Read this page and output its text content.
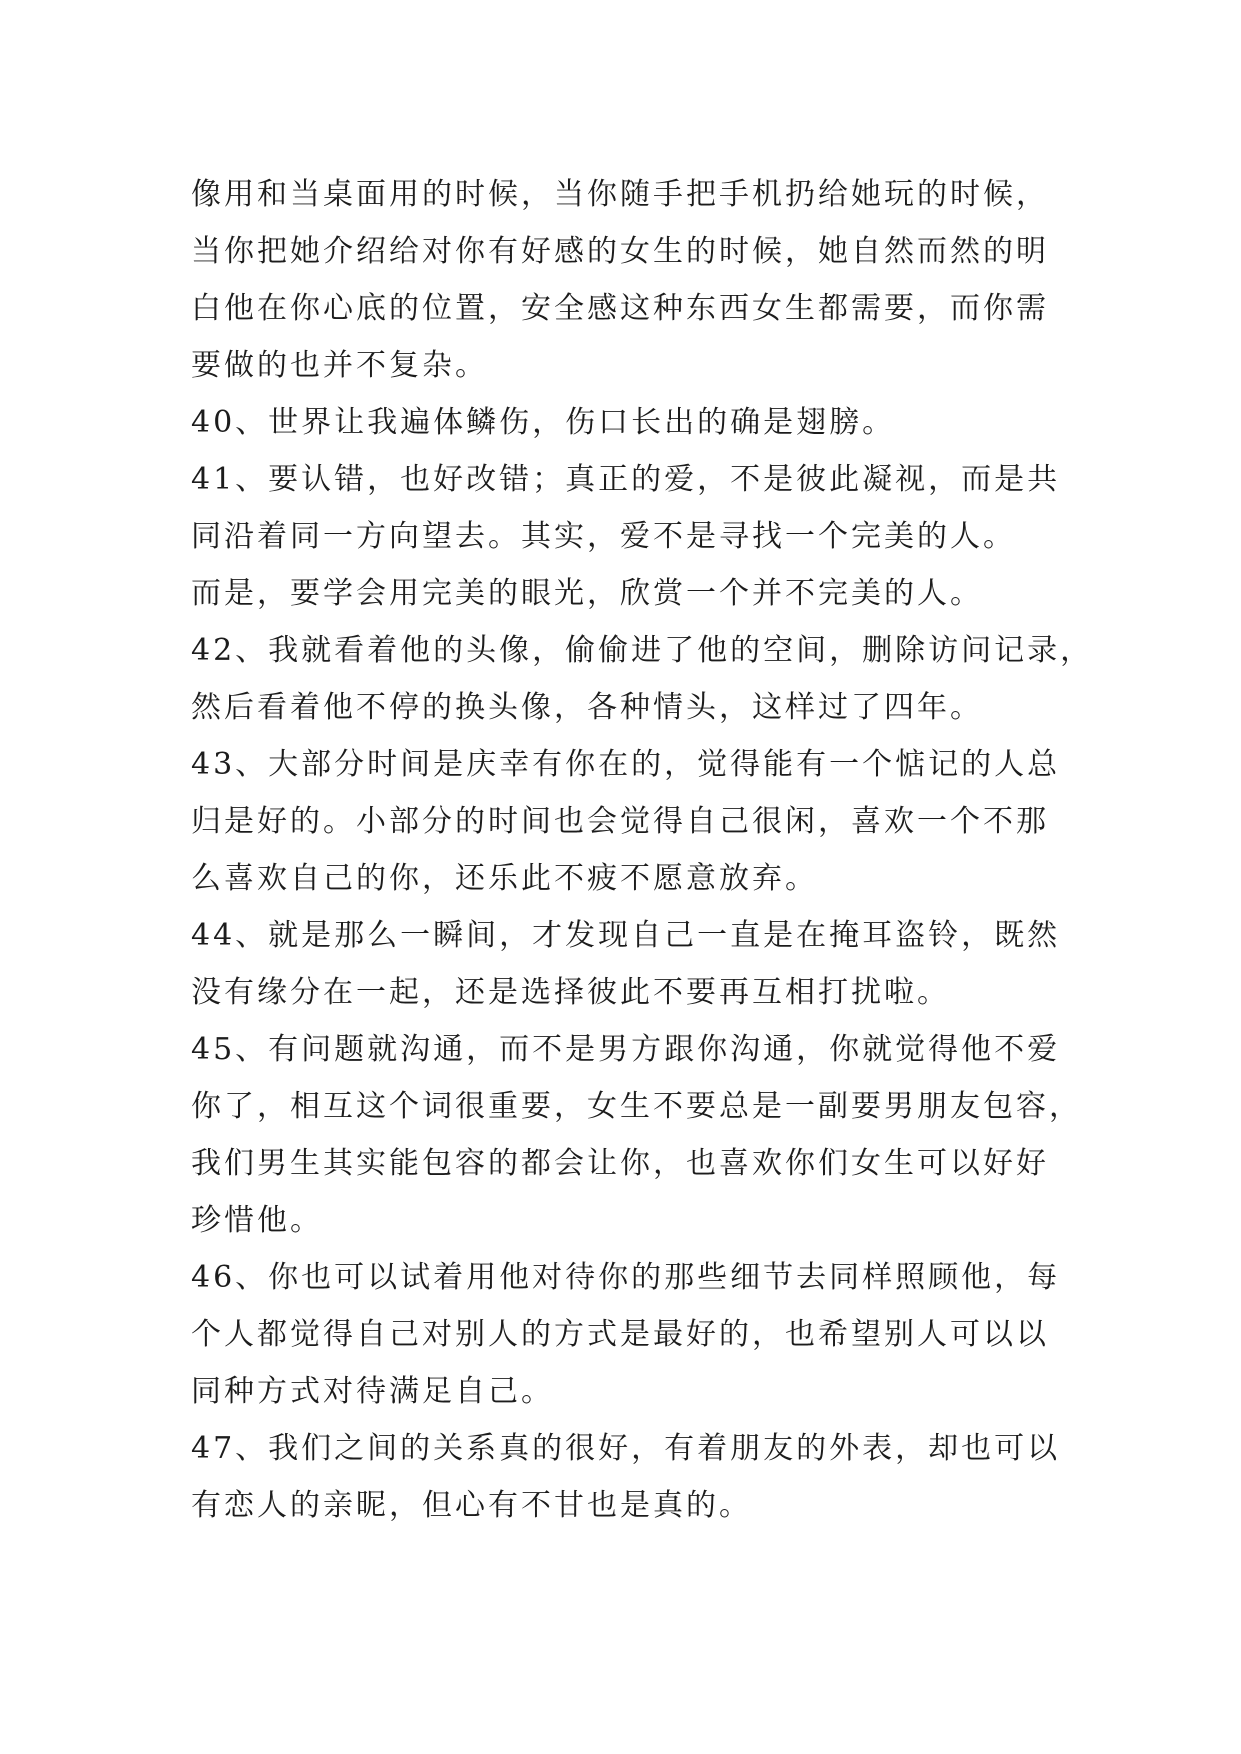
像用和当桌面用的时候，当你随手把手机扔给她玩的时候，
当你把她介绍给对你有好感的女生的时候，她自然而然的明
白他在你心底的位置，安全感这种东西女生都需要，而你需
要做的也并不复杂。
40、世界让我遍体鳞伤，伤口长出的确是翅膀。
41、要认错，也好改错；真正的爱，不是彼此凝视，而是共
同沿着同一方向望去。其实，爱不是寻找一个完美的人。
而是，要学会用完美的眼光，欣赏一个并不完美的人。
42、我就看着他的头像，偷偷进了他的空间，删除访问记录，
然后看着他不停的换头像，各种情头，这样过了四年。
43、大部分时间是庆幸有你在的，觉得能有一个惦记的人总
归是好的。小部分的时间也会觉得自己很闲，喜欢一个不那
么喜欢自己的你，还乐此不疲不愿意放弃。
44、就是那么一瞬间，才发现自己一直是在掩耳盗铃，既然
没有缘分在一起，还是选择彼此不要再互相打扰啦。
45、有问题就沟通，而不是男方跟你沟通，你就觉得他不爱
你了，相互这个词很重要，女生不要总是一副要男朋友包容，
我们男生其实能包容的都会让你，也喜欢你们女生可以好好
珍惜他。
46、你也可以试着用他对待你的那些细节去同样照顾他，每
个人都觉得自己对别人的方式是最好的，也希望别人可以以
同种方式对待满足自己。
47、我们之间的关系真的很好，有着朋友的外表，却也可以
有恋人的亲昵，但心有不甘也是真的。
